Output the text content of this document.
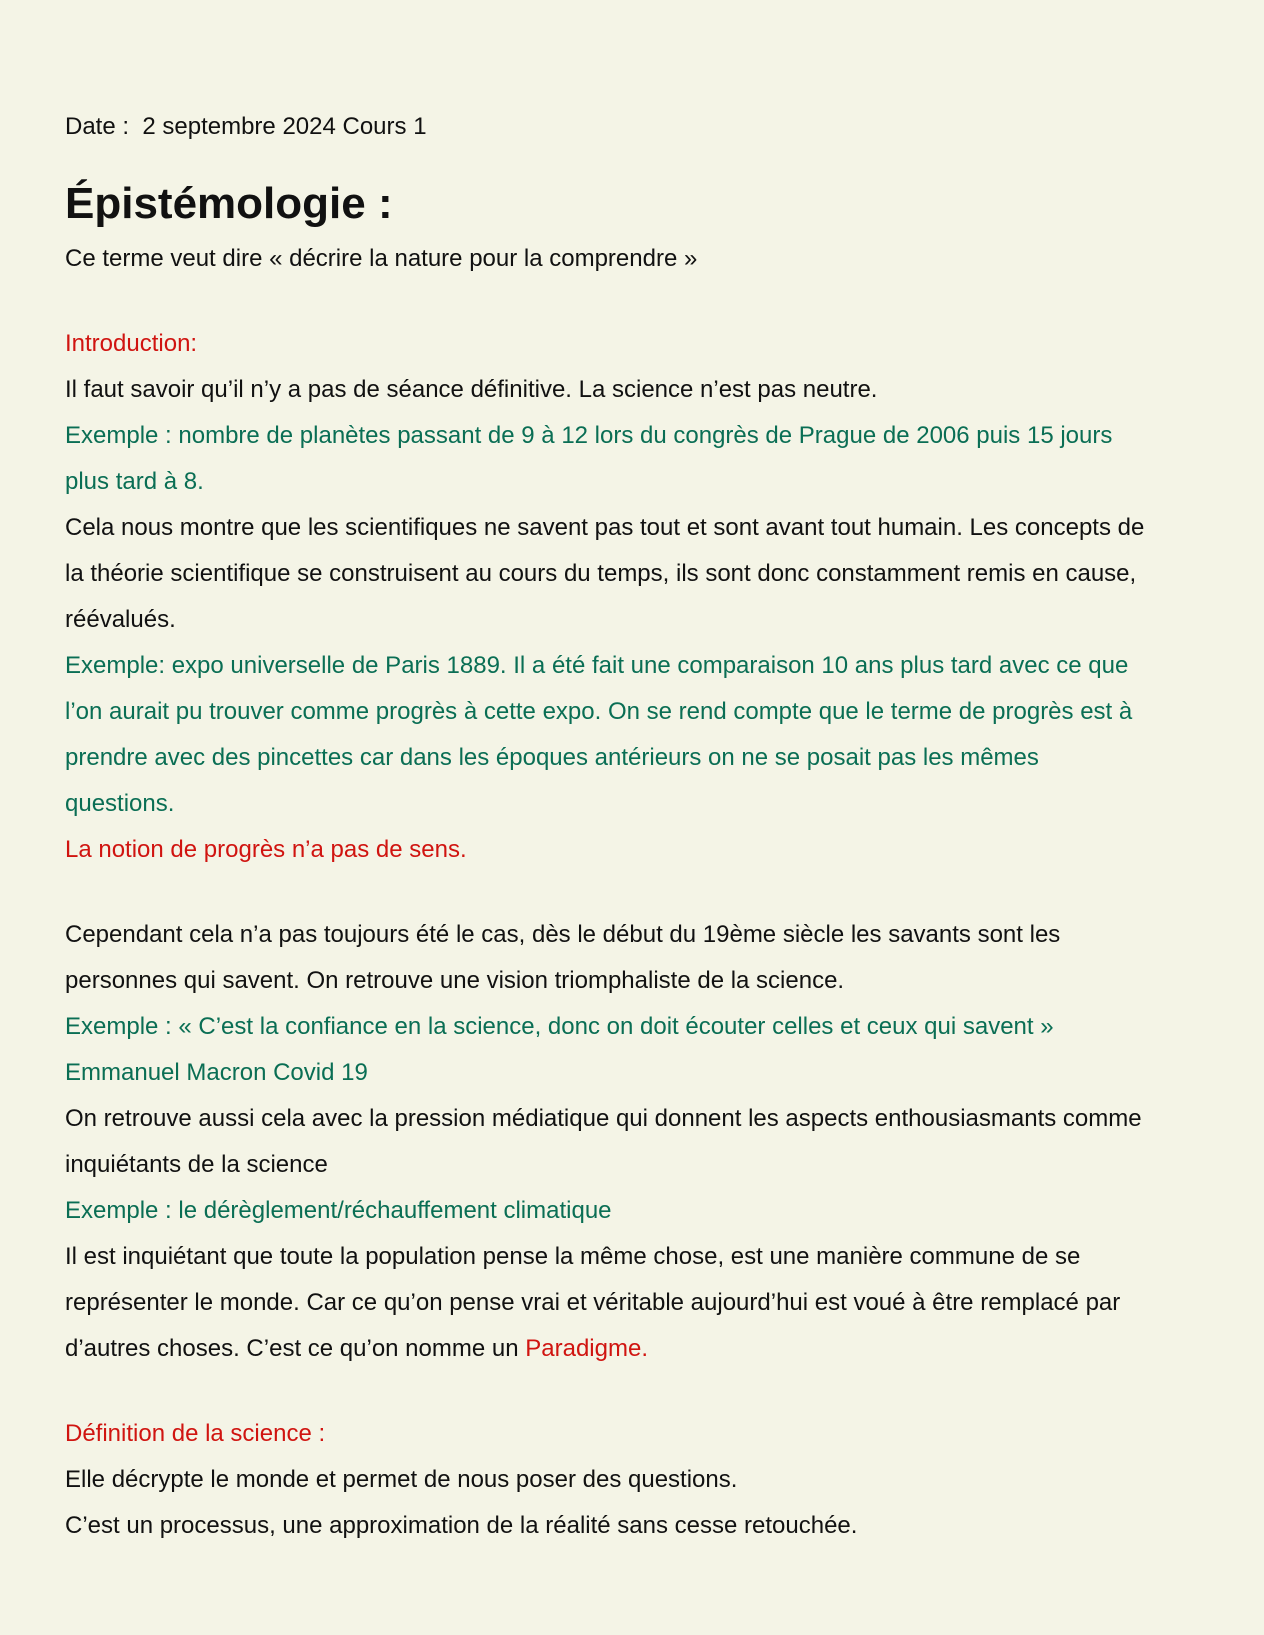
Date :  2 septembre 2024 Cours 1

Épistémologie :

Ce terme veut dire « décrire la nature pour la comprendre »

Introduction:

Il faut savoir qu’il n’y a pas de séance définitive. La science n’est pas neutre.

Exemple : nombre de planètes passant de 9 à 12 lors du congrès de Prague de 2006 puis 15 jours plus tard à 8.

Cela nous montre que les scientifiques ne savent pas tout et sont avant tout humain. Les concepts de la théorie scientifique se construisent au cours du temps, ils sont donc constamment remis en cause, réévalués.

Exemple: expo universelle de Paris 1889. Il a été fait une comparaison 10 ans plus tard avec ce que l’on aurait pu trouver comme progrès à cette expo. On se rend compte que le terme de progrès est à prendre avec des pincettes car dans les époques antérieurs on ne se posait pas les mêmes questions.

La notion de progrès n’a pas de sens.

Cependant cela n’a pas toujours été le cas, dès le début du 19ème siècle les savants sont les personnes qui savent. On retrouve une vision triomphaliste de la science.

Exemple : « C’est la confiance en la science, donc on doit écouter celles et ceux qui savent »

Emmanuel Macron Covid 19

On retrouve aussi cela avec la pression médiatique qui donnent les aspects enthousiasmants comme inquiétants de la science

Exemple : le dérèglement/réchauffement climatique

Il est inquiétant que toute la population pense la même chose, est une manière commune de se représenter le monde. Car ce qu’on pense vrai et véritable aujourd’hui est voué à être remplacé par d’autres choses. C’est ce qu’on nomme un Paradigme.

Définition de la science :

Elle décrypte le monde et permet de nous poser des questions.

C’est un processus, une approximation de la réalité sans cesse retouchée.
